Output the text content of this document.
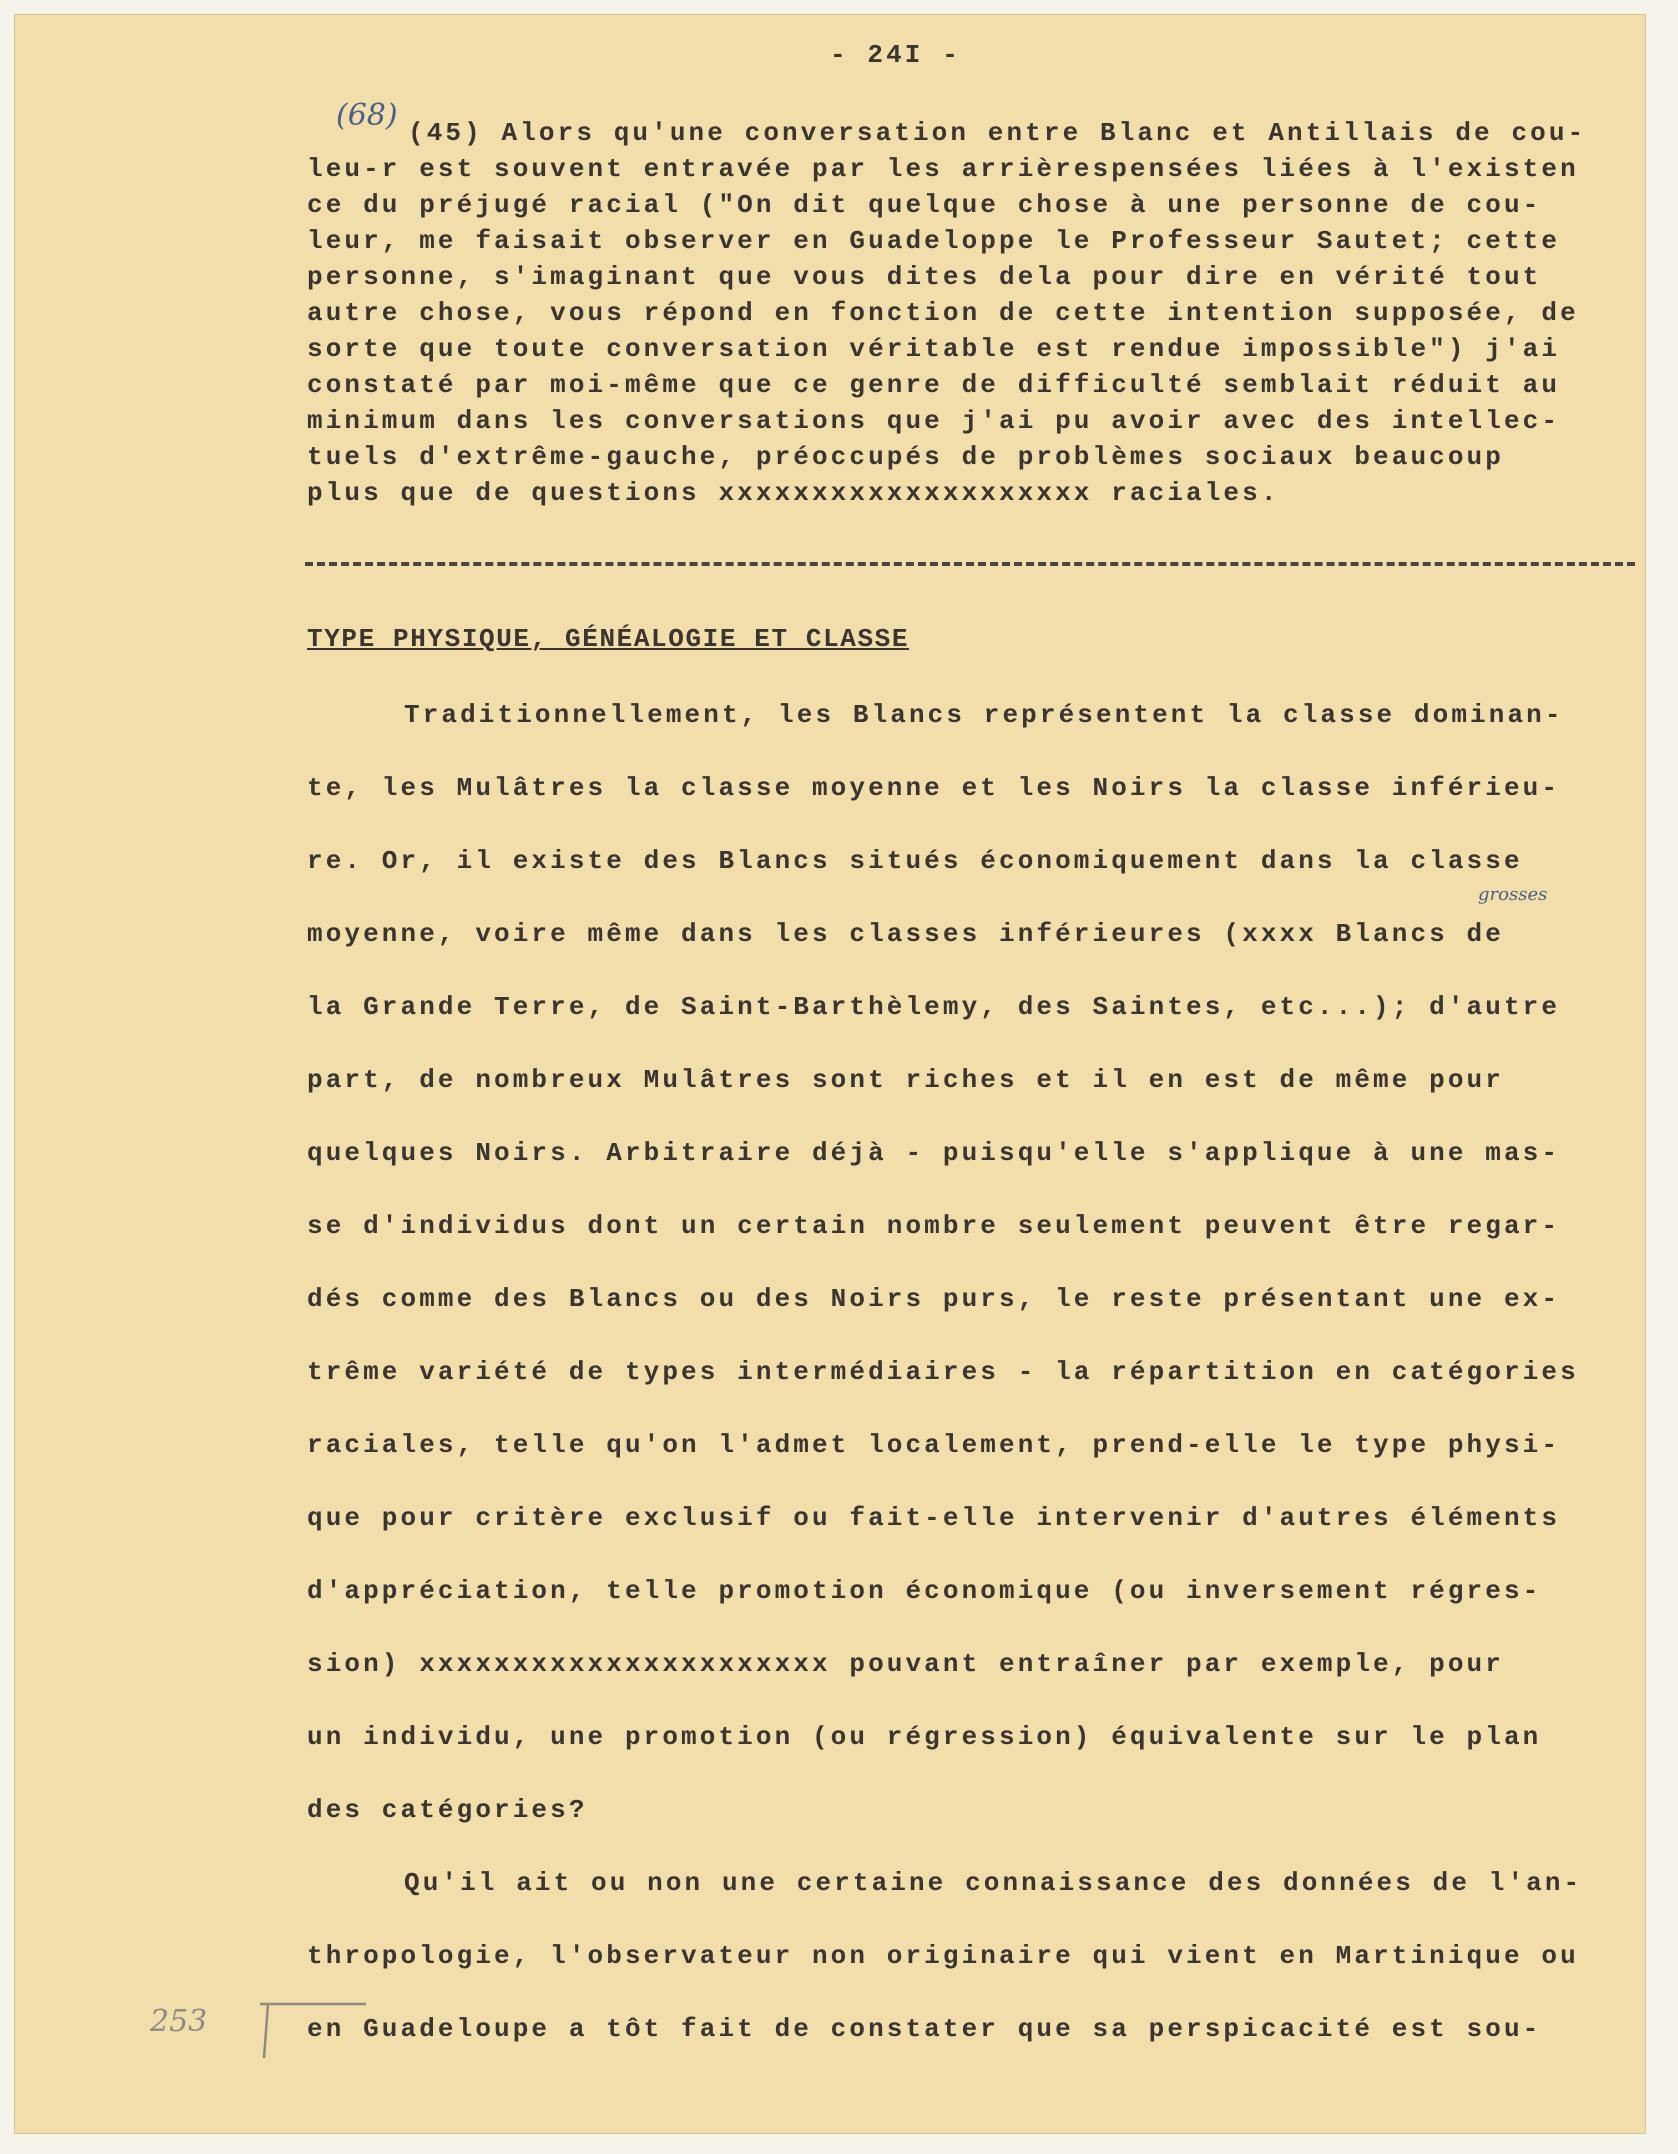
- 24I -
(68) (45) Alors qu'une conversation entre Blanc et Antillais de cou-
leu-r est souvent entravée par les arrièrespensées liées à l'existen
ce du préjugé racial ("On dit quelque chose à une personne de cou-
leur, me faisait observer en Guadeloppe le Professeur Sautet; cette
personne, s'imaginant que vous dites dela pour dire en vérité tout
autre chose, vous répond en fonction de cette intention supposée, de
sorte que toute conversation véritable est rendue impossible") j'ai
constaté par moi-même que ce genre de difficulté semblait réduit au
minimum dans les conversations que j'ai pu avoir avec des intellec-
tuels d'extrême-gauche, préoccupés de problèmes sociaux beaucoup
plus que de questions xxxxxxxxxxxxxxxxxxxx raciales.
TYPE PHYSIQUE, GÉNÉALOGIE ET CLASSE
Traditionnellement, les Blancs représentent la classe dominan-
te, les Mulâtres la classe moyenne et les Noirs la classe inférieu-
re. Or, il existe des Blancs situés économiquement dans la classe
moyenne, voire même dans les classes inférieures (xxxx Blancs de
grosses
la Grande Terre, de Saint-Barthèlemy, des Saintes, etc...); d'autre
part, de nombreux Mulâtres sont riches et il en est de même pour
quelques Noirs. Arbitraire déjà - puisqu'elle s'applique à une mas-
se d'individus dont un certain nombre seulement peuvent être regar-
dés comme des Blancs ou des Noirs purs, le reste présentant une ex-
trême variété de types intermédiaires - la répartition en catégories
raciales, telle qu'on l'admet localement, prend-elle le type physi-
que pour critère exclusif ou fait-elle intervenir d'autres éléments
d'appréciation, telle promotion économique (ou inversement régres-
sion) xxxxxxxxxxxxxxxxxxxxxx pouvant entraîner par exemple, pour
un individu, une promotion (ou régression) équivalente sur le plan
des catégories?
Qu'il ait ou non une certaine connaissance des données de l'an-
thropologie, l'observateur non originaire qui vient en Martinique ou
en Guadeloupe a tôt fait de constater que sa perspicacité est sou-
253
